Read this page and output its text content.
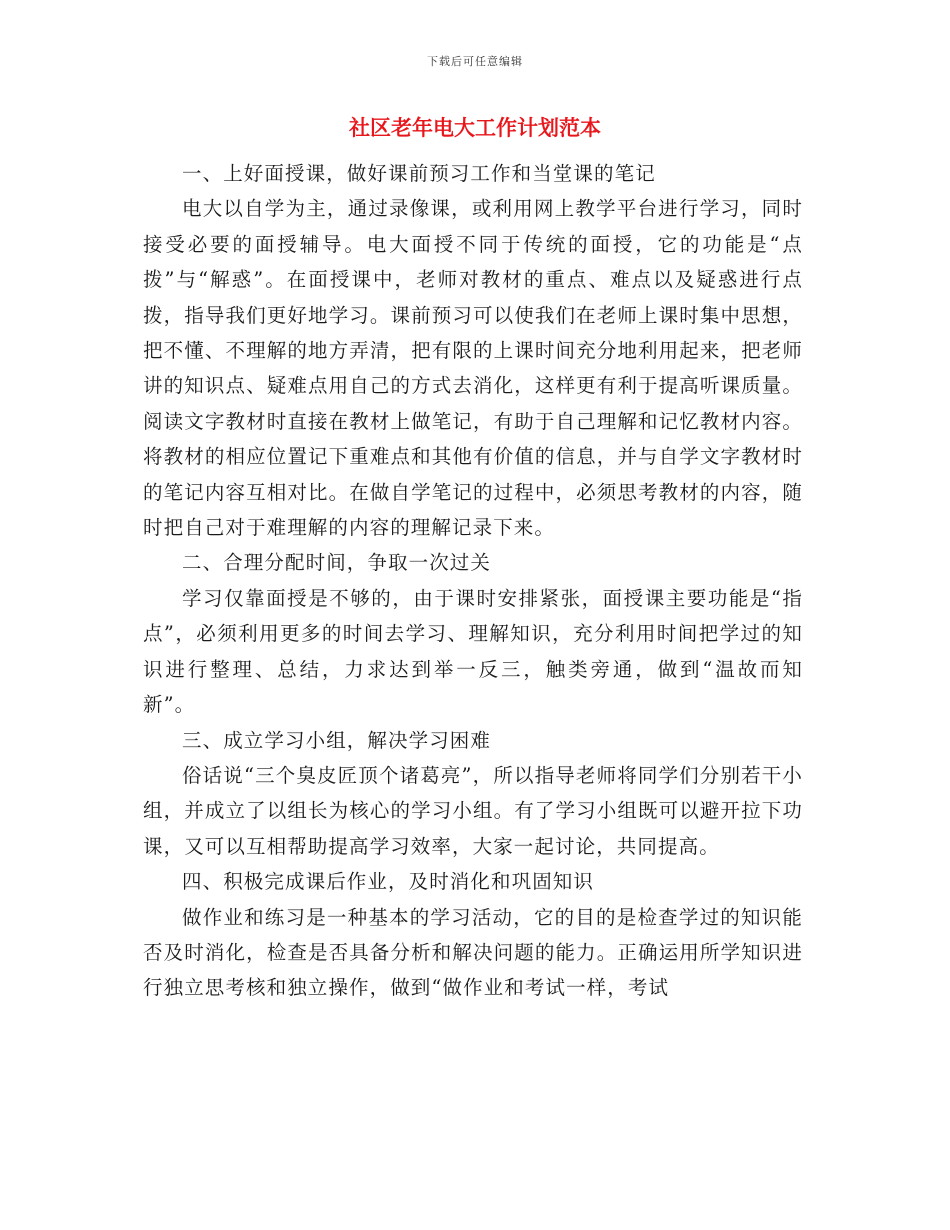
下载后可任意编辑
社区老年电大工作计划范本

一、上好面授课，做好课前预习工作和当堂课的笔记

电大以自学为主，通过录像课，或利用网上教学平台进行学习，同时接受必要的面授辅导。电大面授不同于传统的面授，它的功能是“点拨”与“解惑”。在面授课中，老师对教材的重点、难点以及疑惑进行点拨，指导我们更好地学习。课前预习可以使我们在老师上课时集中思想，把不懂、不理解的地方弄清，把有限的上课时间充分地利用起来，把老师讲的知识点、疑难点用自己的方式去消化，这样更有利于提高听课质量。阅读文字教材时直接在教材上做笔记，有助于自己理解和记忆教材内容。将教材的相应位置记下重难点和其他有价值的信息，并与自学文字教材时的笔记内容互相对比。在做自学笔记的过程中，必须思考教材的内容，随时把自己对于难理解的内容的理解记录下来。

二、合理分配时间，争取一次过关

学习仅靠面授是不够的，由于课时安排紧张，面授课主要功能是“指点”，必须利用更多的时间去学习、理解知识，充分利用时间把学过的知识进行整理、总结，力求达到举一反三，触类旁通，做到“温故而知新”。

三、成立学习小组，解决学习困难

俗话说“三个臭皮匠顶个诸葛亮”，所以指导老师将同学们分别若干小组，并成立了以组长为核心的学习小组。有了学习小组既可以避开拉下功课，又可以互相帮助提高学习效率，大家一起讨论，共同提高。

四、积极完成课后作业，及时消化和巩固知识

做作业和练习是一种基本的学习活动，它的目的是检查学过的知识能否及时消化，检查是否具备分析和解决问题的能力。正确运用所学知识进行独立思考核和独立操作，做到“做作业和考试一样，考试
